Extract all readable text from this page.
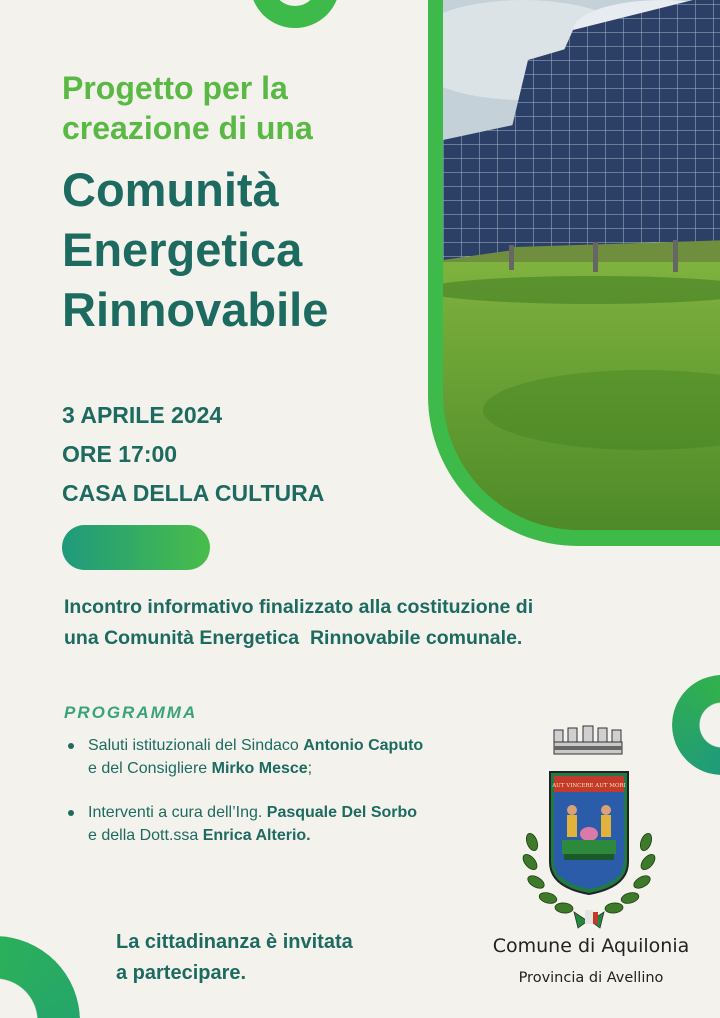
Progetto per la
creazione di una
Comunità
Energetica
Rinnovabile
3 APRILE 2024
ORE 17:00
CASA DELLA CULTURA
Incontro informativo finalizzato alla costituzione di
una Comunità Energetica  Rinnovabile comunale.
PROGRAMMA
Saluti istituzionali del Sindaco Antonio Caputo
e del Consigliere Mirko Mesce;
Interventi a cura dell’Ing. Pasquale Del Sorbo
e della Dott.ssa Enrica Alterio.
La cittadinanza è invitata
a partecipare.
AUT VINCERE AUT MORI
Comune di Aquilonia
Provincia di Avellino
